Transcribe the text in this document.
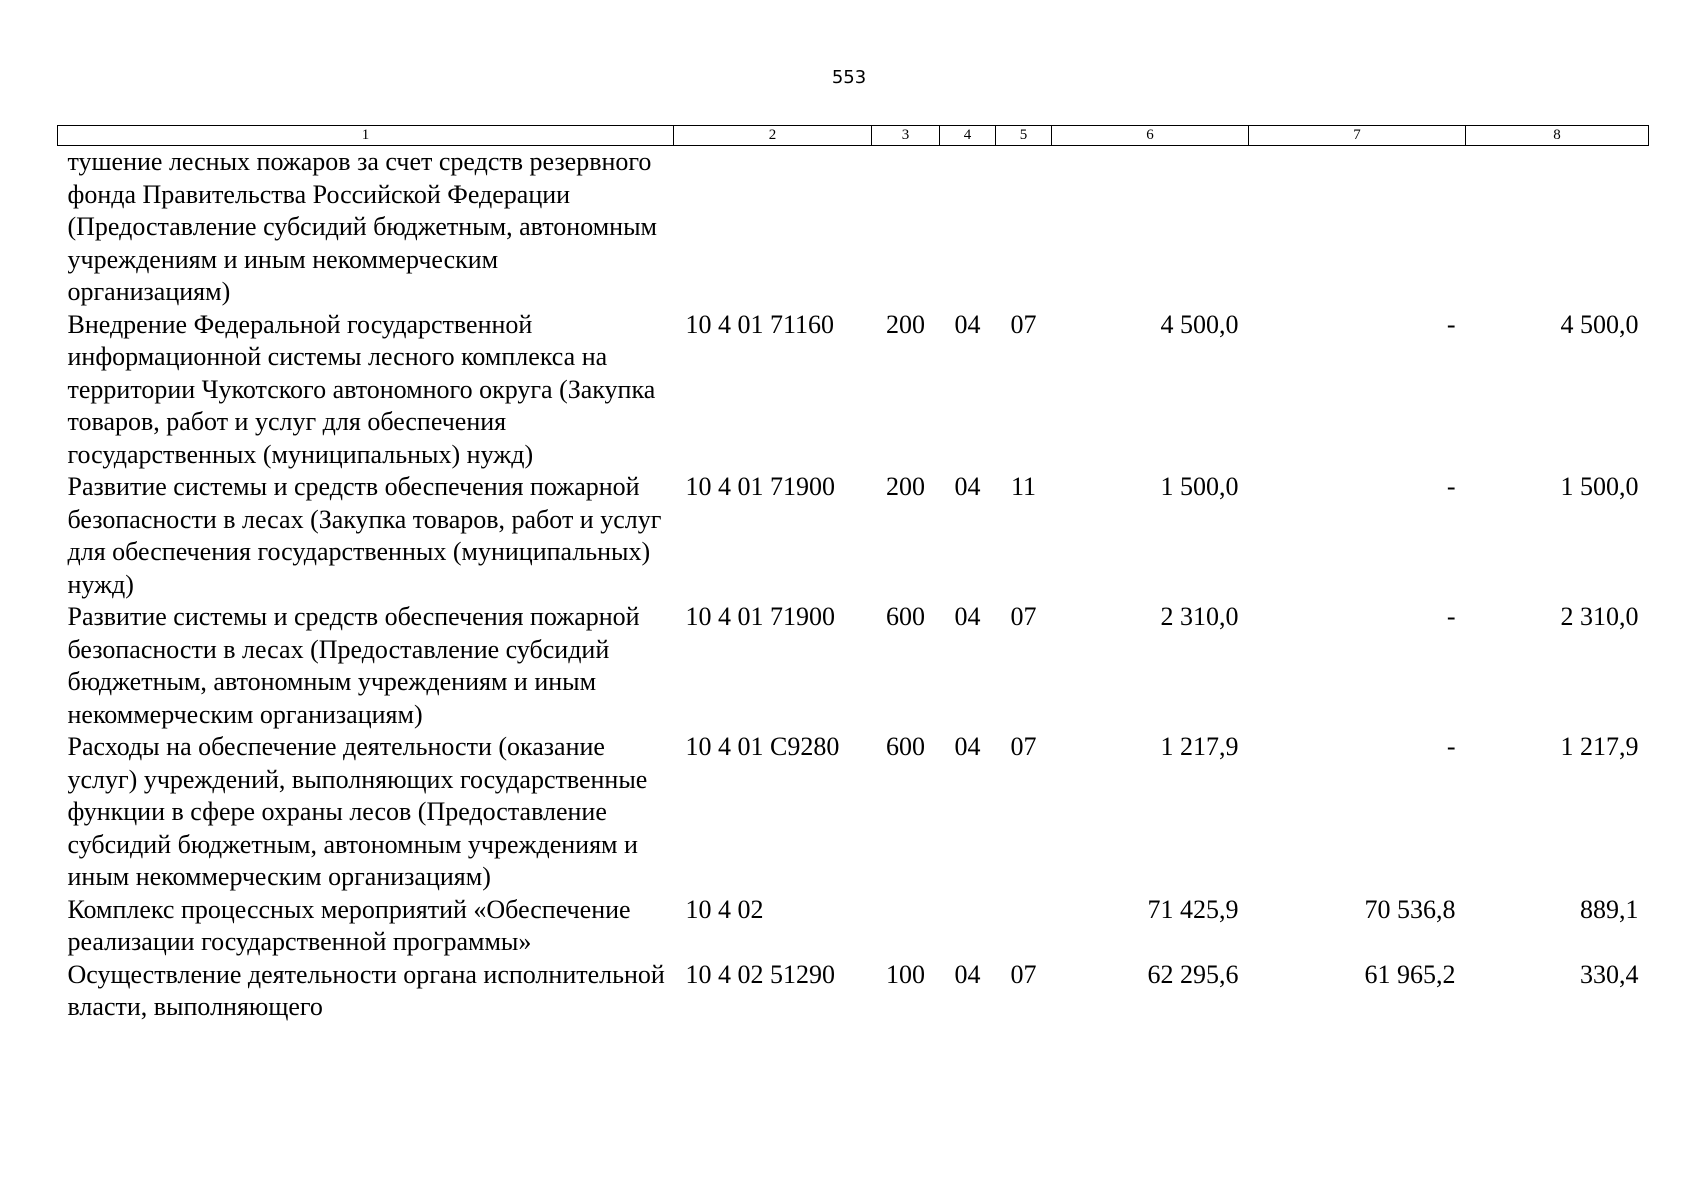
553
1	2	3	4	5	6	7	8
тушение лесных пожаров за счет средств резервного фонда Правительства Российской Федерации (Предоставление субсидий бюджетным, автономным учреждениям и иным некоммерческим организациям)							
Внедрение Федеральной государственной информационной системы лесного комплекса на территории Чукотского автономного округа (Закупка товаров, работ и услуг для обеспечения государственных (муниципальных) нужд)	10 4 01 71160	200	04	07	4 500,0	-	4 500,0
Развитие системы и средств обеспечения пожарной безопасности в лесах (Закупка товаров, работ и услуг для обеспечения государственных (муниципальных) нужд)	10 4 01 71900	200	04	11	1 500,0	-	1 500,0
Развитие системы и средств обеспечения пожарной безопасности в лесах (Предоставление субсидий бюджетным, автономным учреждениям и иным некоммерческим организациям)	10 4 01 71900	600	04	07	2 310,0	-	2 310,0
Расходы на обеспечение деятельности (оказание услуг) учреждений, выполняющих государственные функции в сфере охраны лесов (Предоставление субсидий бюджетным, автономным учреждениям и иным некоммерческим организациям)	10 4 01 С9280	600	04	07	1 217,9	-	1 217,9
Комплекс процессных мероприятий «Обеспечение реализации государственной программы»	10 4 02				71 425,9	70 536,8	889,1
Осуществление деятельности органа исполнительной власти, выполняющего	10 4 02 51290	100	04	07	62 295,6	61 965,2	330,4
